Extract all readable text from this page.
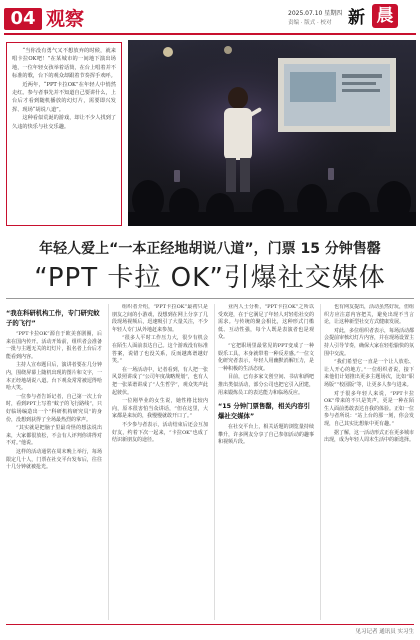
04 观察	2025.07.10 星期四
责编 · 版式 · 校对 新 晨

“当你没有勇气又不想放弃的时候，就来唱卡拉OK吧！”在某城市的一间地下演出场地，一位年轻女孩举着话筒，在台上唱着并不标准的歌，台下的观众却跟着节奏挥手欢呼。

近两年，“PPT卡拉OK”在年轻人中悄然走红。参与者事先并不知道自己要讲什么，上台后才看到随机播放的幻灯片，需要即兴发挥、现场“胡说八道”。

这种看似荒诞的游戏，却让不少人找到了久违的快乐与社交乐趣。

年轻人爱上“一本正经地胡说八道”，门票 15 分钟售罄
“PPT 卡拉 OK”引爆社交媒体
“我在科研机构工作，专门研究蚊子的飞行”

“PPT卡拉OK”源自于欧美喜剧圈，后来在国内传开。活动开始前，组织者会准备一批与主题无关的幻灯片，报名者上台后才能看到内容。

主持人宣布题目后，演讲者要在几分钟内，围绕屏幕上随机出现的图片和文字，一本正经地胡说八道。台下观众常常被逗得哈哈大笑。

一位参与者告诉记者，自己第一次上台时，看到PPT上写着“蚊子的飞行路线”，只好临场编造出一个“科研机构研究员”的身份，没想到获得了全场最热烈的掌声。

“其实就是把脑子里最奇怪的想法说出来，大家都很放松，不会有人评判你讲得对不对。”他说。

这样的活动通常在周末晚上举行，每场限定几十人，门票在社交平台发布后，往往十几分钟就被抢光。

组织者介绍，“PPT卡拉OK”最初只是朋友之间的小游戏，没想到在网上分享了几段现场视频后，迅速吸引了大量关注，不少年轻人专门从外地赶来参加。

“很多人平时工作压力大，很少有机会在陌生人面前表达自己。这个游戏没有标准答案，说错了也没关系，反而越离谱越好笑。”

在一场活动中，记者看到，有人把一张风景照讲成了“公司年度战略规划”，也有人把一张菜谱讲成了“人生哲学”，观众笑声此起彼伏。

一位刚毕业的女生说，她性格比较内向，原本很害怕当众讲话，“但在这里，大家都是来玩的，我慢慢就敢开口了。”

不少参与者表示，活动结束后还会互加好友，约着下次一起来，“卡拉OK”也成了结识新朋友的途径。

业内人士分析，“PPT卡拉OK”之所以受欢迎，在于它满足了年轻人对轻松社交的需求。与传统的聚会相比，这种形式门槛低、互动性强，每个人既是表演者也是观众。

“它把职场里最常见的PPT变成了一种娱乐工具，本身就带着一种反差感。”一位文化研究者表示，年轻人用幽默消解压力，是一种积极的生活态度。

目前，已有多家文创空间、书店和酒吧推出类似活动，部分公司也把它引入团建，用来锻炼员工的表达能力和临场反应。

“15 分钟门票售罄，相关内容引爆社交媒体”

在社交平台上，相关话题的浏览量持续攀升，许多网友分享了自己参加活动的趣事和视频片段。

也有网友提出，活动虽然好玩，但组织方应注意内容把关，避免出现不当言论，让这种新型社交方式健康发展。

对此，多位组织者表示，每场活动都会提前审核幻灯片内容，并在现场设置主持人引导节奏，确保大家在轻松愉快的氛围中交流。

“我们希望它一直是一个让人放松、让人开心的地方。”一位组织者说，接下来他们计划推出更多主题场次，比如“职场版”“校园版”等，让更多人参与进来。

对于很多年轻人来说，“PPT卡拉OK”带来的不只是笑声，更是一种在陌生人面前勇敢表达自我的体验。正如一位参与者所说：“站上台的那一刻，你会发现，自己其实比想象中更有趣。”

据了解，这一活动形式正在更多城市出现，成为年轻人周末生活中的新选择。

见习记者 通讯员 实习生
